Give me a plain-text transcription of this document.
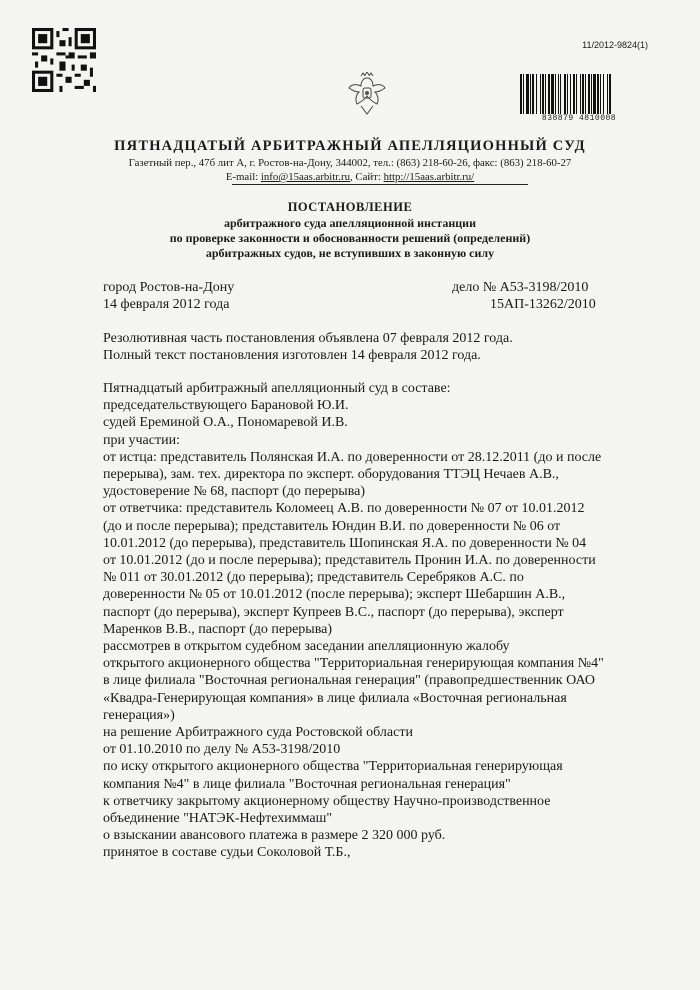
11/2012-9824(1)
838879 4810008
ПЯТНАДЦАТЫЙ АРБИТРАЖНЫЙ АПЕЛЛЯЦИОННЫЙ СУД
Газетный пер., 47б лит А, г. Ростов-на-Дону, 344002, тел.: (863) 218-60-26, факс: (863) 218-60-27
E-mail: info@15aas.arbitr.ru, Сайт: http://15aas.arbitr.ru/
ПОСТАНОВЛЕНИЕ
арбитражного суда апелляционной инстанции
по проверке законности и обоснованности решений (определений)
арбитражных судов, не вступивших в законную силу
город Ростов-на-Дону
14 февраля 2012 года
дело № А53-3198/2010
15АП-13262/2010
Резолютивная часть постановления объявлена 07 февраля 2012 года.
Полный текст постановления изготовлен 14 февраля 2012 года.
Пятнадцатый арбитражный апелляционный суд в составе:
председательствующего Барановой Ю.И.
судей Ереминой О.А., Пономаревой И.В.
при участии:
от истца: представитель Полянская И.А. по доверенности от 28.12.2011 (до и после
перерыва), зам. тех. директора по эксперт. оборудования ТТЭЦ Нечаев А.В.,
удостоверение № 68, паспорт (до перерыва)
от ответчика: представитель Коломеец А.В. по доверенности № 07 от 10.01.2012
(до и после перерыва); представитель Юндин В.И. по доверенности № 06 от
10.01.2012 (до перерыва), представитель Шопинская Я.А. по доверенности № 04
от 10.01.2012 (до и после перерыва); представитель Пронин И.А. по доверенности
№ 011 от 30.01.2012 (до перерыва); представитель Серебряков А.С. по
доверенности № 05 от 10.01.2012 (после перерыва); эксперт Шебаршин А.В.,
паспорт (до перерыва), эксперт Купреев В.С., паспорт (до перерыва), эксперт
Маренков В.В., паспорт (до перерыва)
рассмотрев в открытом судебном заседании апелляционную жалобу
открытого акционерного общества "Территориальная генерирующая компания №4"
в лице филиала "Восточная региональная генерация" (правопредшественник ОАО
«Квадра-Генерирующая компания» в лице филиала «Восточная региональная
генерация»)
на решение Арбитражного суда Ростовской области
от 01.10.2010 по делу № А53-3198/2010
по иску открытого акционерного общества "Территориальная генерирующая
компания №4" в лице филиала "Восточная региональная генерация"
к ответчику закрытому акционерному обществу Научно-производственное
объединение "НАТЭК-Нефтехиммаш"
о взыскании авансового платежа в размере 2 320 000 руб.
принятое в составе судьи Соколовой Т.Б.,
